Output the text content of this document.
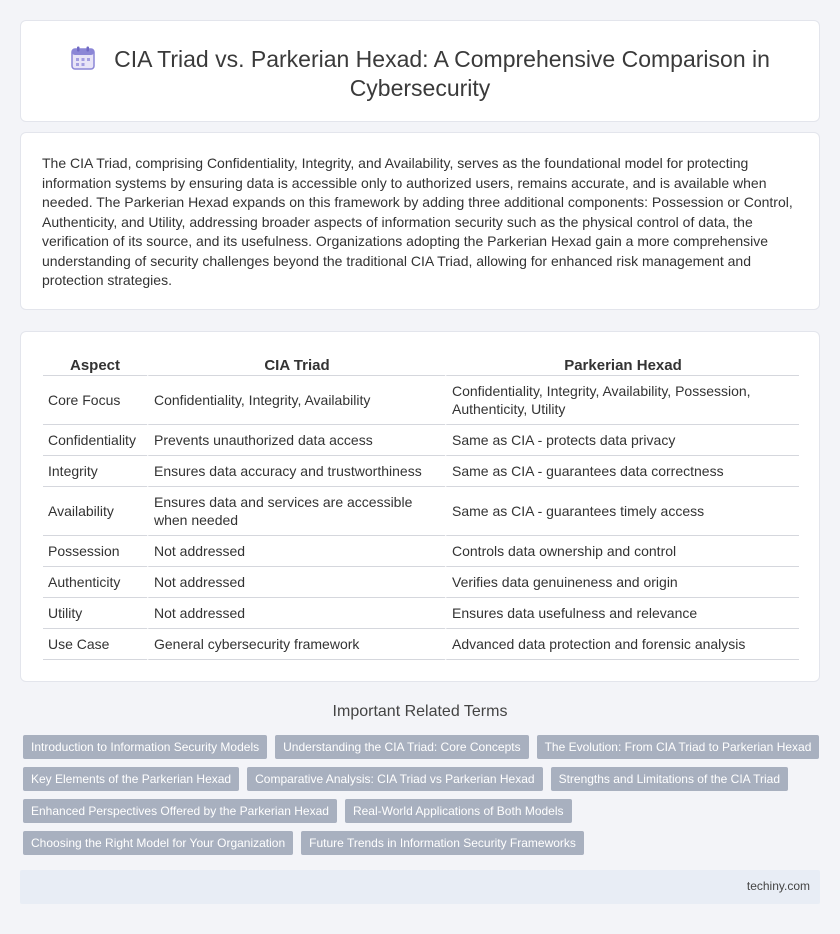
CIA Triad vs. Parkerian Hexad: A Comprehensive Comparison in Cybersecurity

The CIA Triad, comprising Confidentiality, Integrity, and Availability, serves as the foundational model for protecting information systems by ensuring data is accessible only to authorized users, remains accurate, and is available when needed. The Parkerian Hexad expands on this framework by adding three additional components: Possession or Control, Authenticity, and Utility, addressing broader aspects of information security such as the physical control of data, the verification of its source, and its usefulness. Organizations adopting the Parkerian Hexad gain a more comprehensive understanding of security challenges beyond the traditional CIA Triad, allowing for enhanced risk management and protection strategies.

Aspect	CIA Triad	Parkerian Hexad
Core Focus	Confidentiality, Integrity, Availability	Confidentiality, Integrity, Availability, Possession, Authenticity, Utility
Confidentiality	Prevents unauthorized data access	Same as CIA - protects data privacy
Integrity	Ensures data accuracy and trustworthiness	Same as CIA - guarantees data correctness
Availability	Ensures data and services are accessible when needed	Same as CIA - guarantees timely access
Possession	Not addressed	Controls data ownership and control
Authenticity	Not addressed	Verifies data genuineness and origin
Utility	Not addressed	Ensures data usefulness and relevance
Use Case	General cybersecurity framework	Advanced data protection and forensic analysis
Important Related Terms
Introduction to Information Security Models	Understanding the CIA Triad: Core Concepts	The Evolution: From CIA Triad to Parkerian Hexad
Key Elements of the Parkerian Hexad	Comparative Analysis: CIA Triad vs Parkerian Hexad	Strengths and Limitations of the CIA Triad
Enhanced Perspectives Offered by the Parkerian Hexad	Real-World Applications of Both Models
Choosing the Right Model for Your Organization	Future Trends in Information Security Frameworks
techiny.com
